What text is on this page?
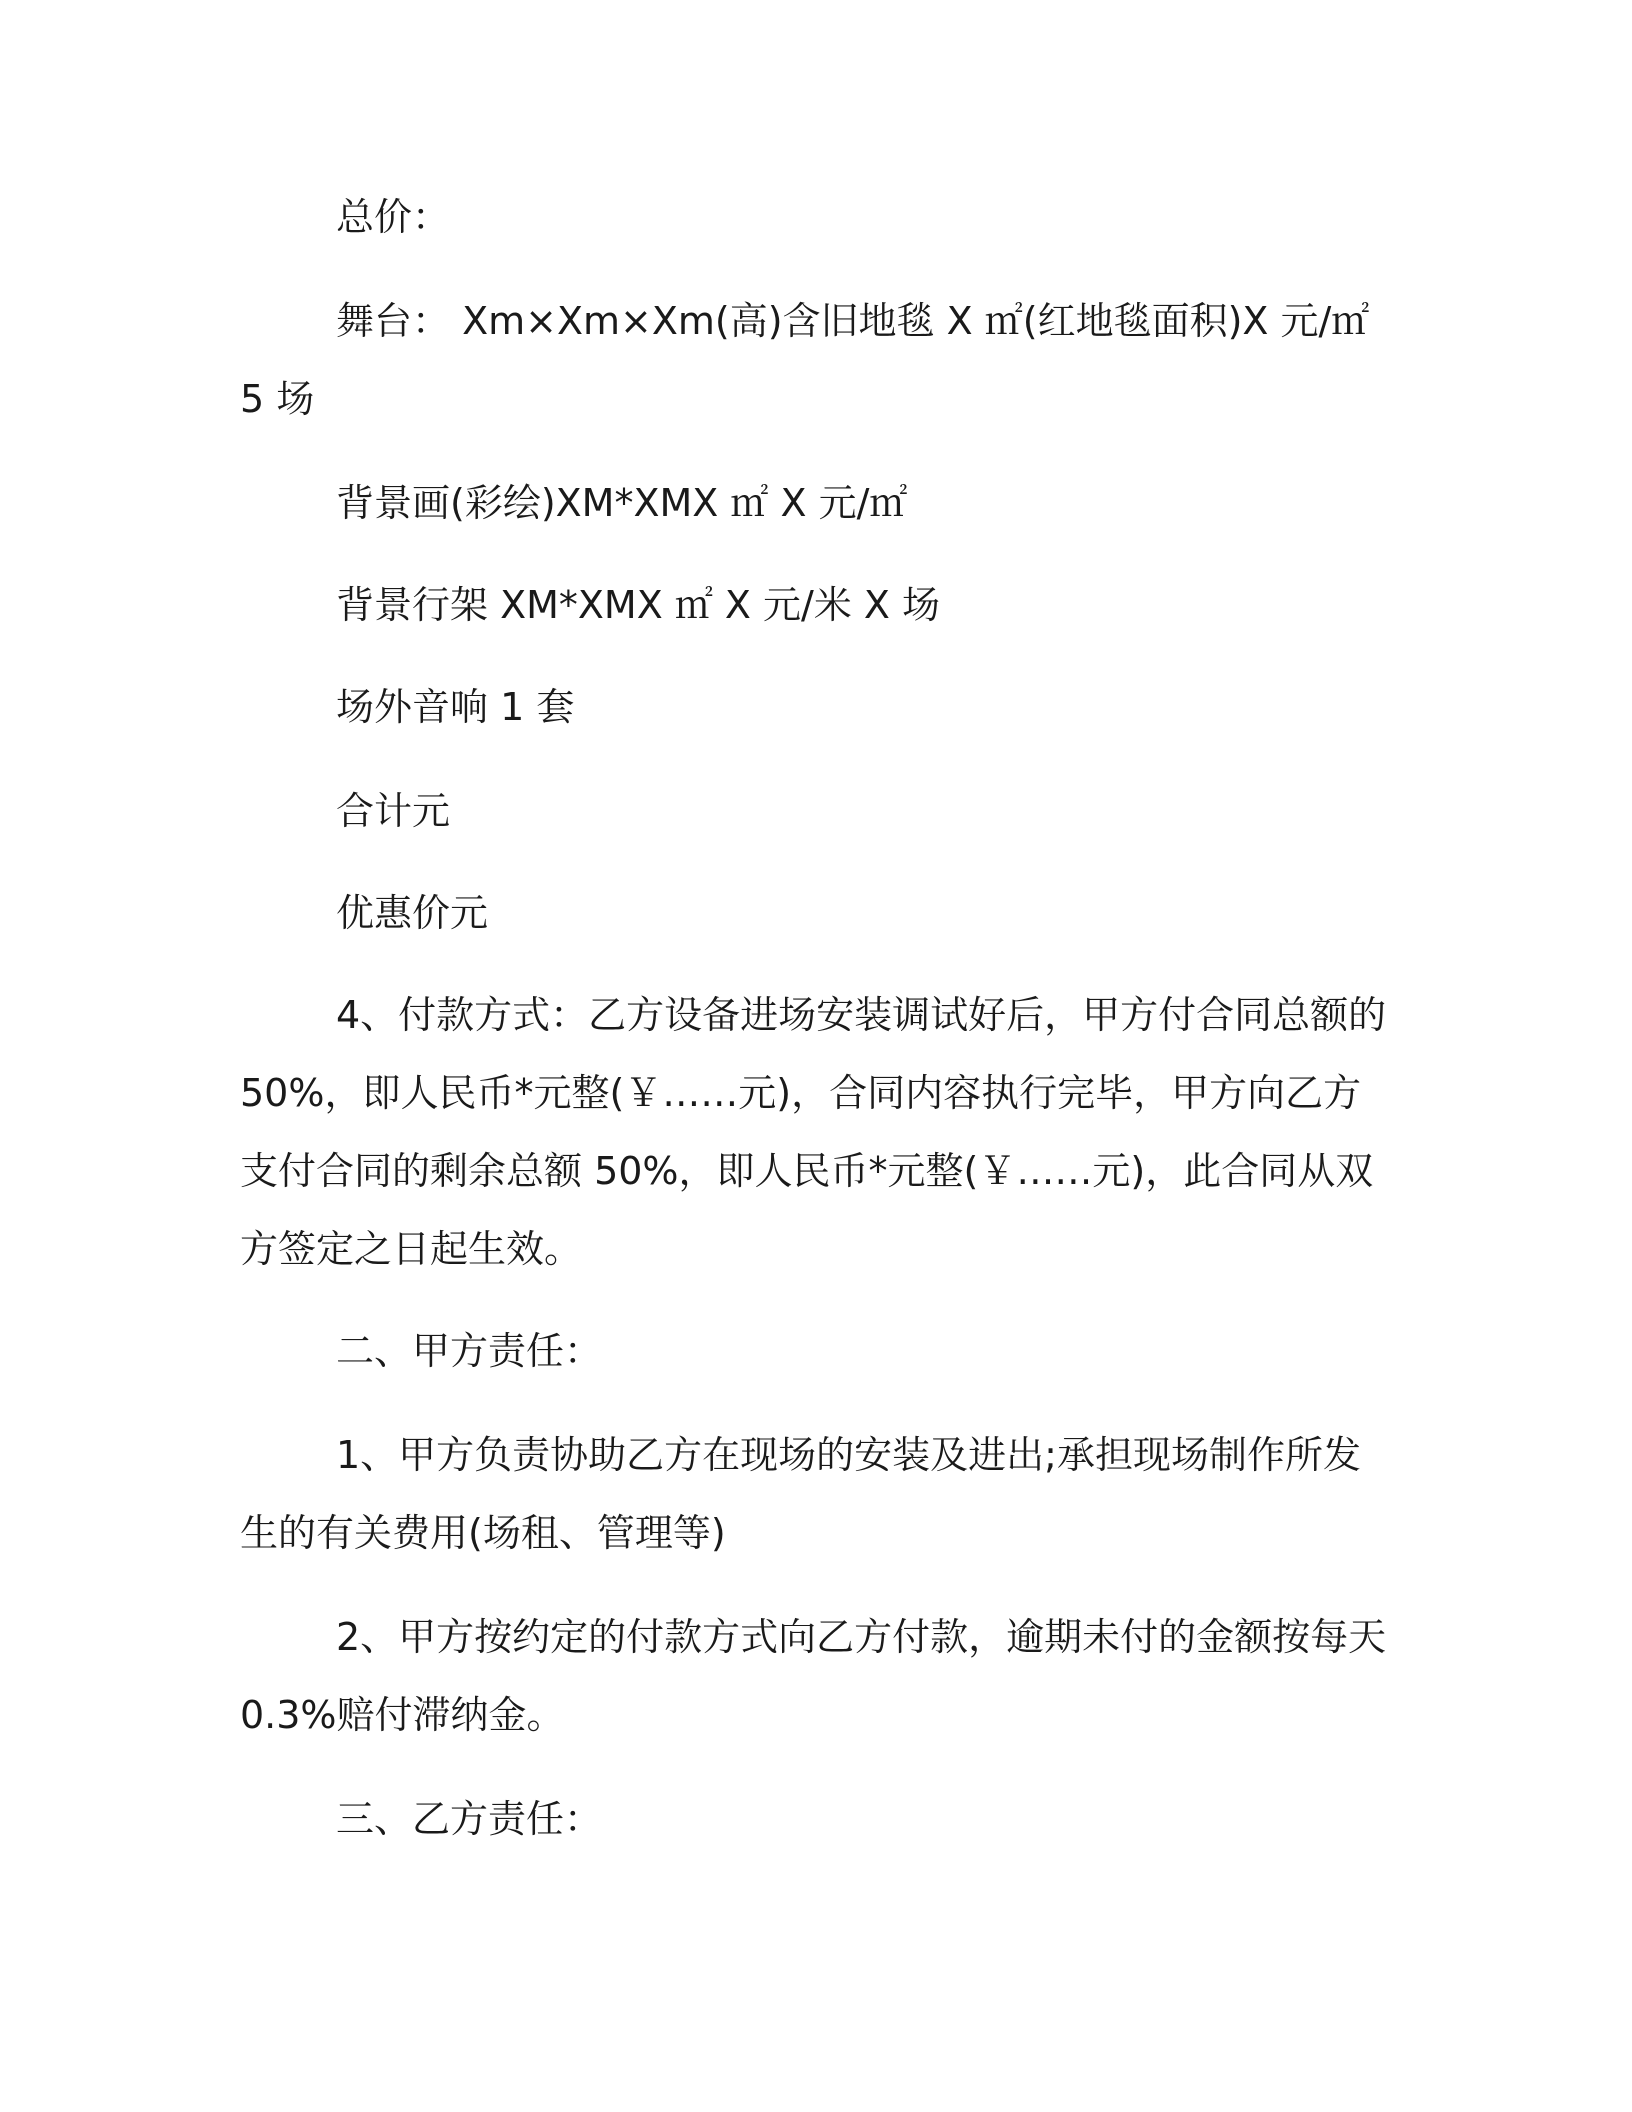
总价：

舞台： Xm×Xm×Xm(高)含旧地毯 X ㎡(红地毯面积)X 元/㎡ 5 场

背景画(彩绘)XM*XMX ㎡ X 元/㎡

背景行架 XM*XMX ㎡ X 元/米 X 场

场外音响 1 套

合计元

优惠价元

4、付款方式：乙方设备进场安装调试好后，甲方付合同总额的 50%，即人民币*元整(￥……元)，合同内容执行完毕，甲方向乙方支付合同的剩余总额 50%，即人民币*元整(￥……元)，此合同从双方签定之日起生效。

二、甲方责任：

1、甲方负责协助乙方在现场的安装及进出;承担现场制作所发生的有关费用(场租、管理等)

2、甲方按约定的付款方式向乙方付款，逾期未付的金额按每天 0.3%赔付滞纳金。

三、乙方责任：
